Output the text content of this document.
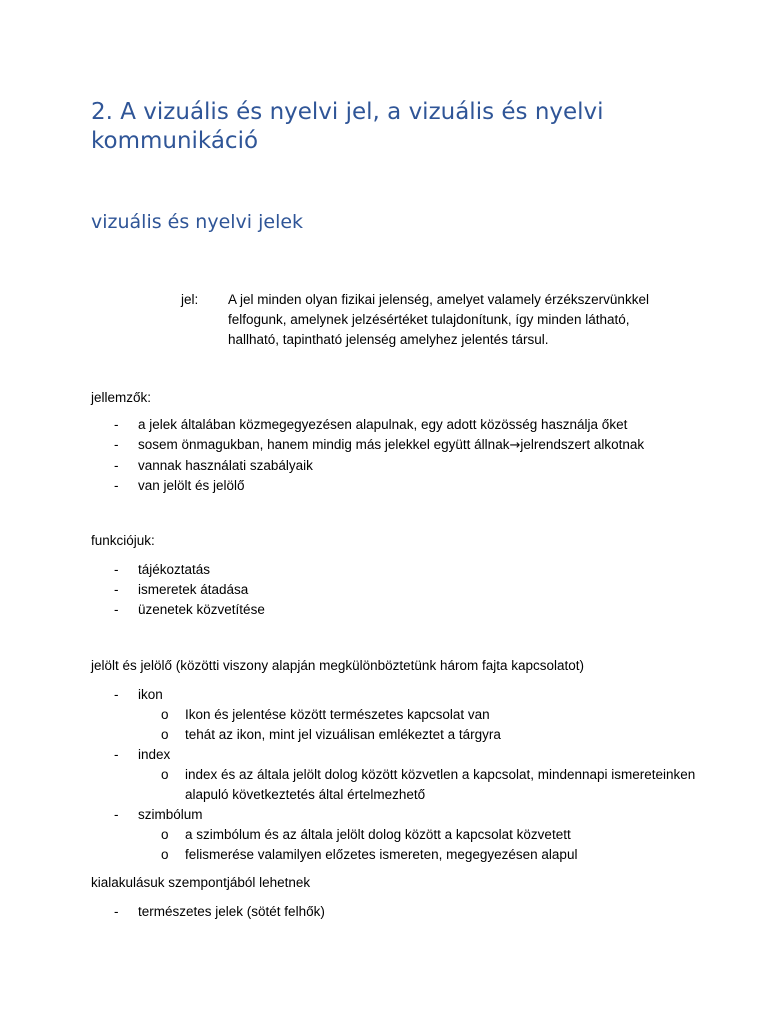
2. A vizuális és nyelvi jel, a vizuális és nyelvi kommunikáció
vizuális és nyelvi jelek
jel: A jel minden olyan fizikai jelenség, amelyet valamely érzékszervünkkel felfogunk, amelynek jelzésértéket tulajdonítunk, így minden látható, hallható, tapintható jelenség amelyhez jelentés társul.
jellemzők:
- a jelek általában közmegegyezésen alapulnak, egy adott közösség használja őket
- sosem önmagukban, hanem mindig más jelekkel együtt állnak→jelrendszert alkotnak
- vannak használati szabályaik
- van jelölt és jelölő
funkciójuk:
- tájékoztatás
- ismeretek átadása
- üzenetek közvetítése
jelölt és jelölő (közötti viszony alapján megkülönböztetünk három fajta kapcsolatot)
- ikon
o Ikon és jelentése között természetes kapcsolat van
o tehát az ikon, mint jel vizuálisan emlékeztet a tárgyra
- index
o index és az általa jelölt dolog között közvetlen a kapcsolat, mindennapi ismereteinken alapuló következtetés által értelmezhető
- szimbólum
o a szimbólum és az általa jelölt dolog között a kapcsolat közvetett
o felismerése valamilyen előzetes ismereten, megegyezésen alapul
kialakulásuk szempontjából lehetnek
- természetes jelek (sötét felhők)
